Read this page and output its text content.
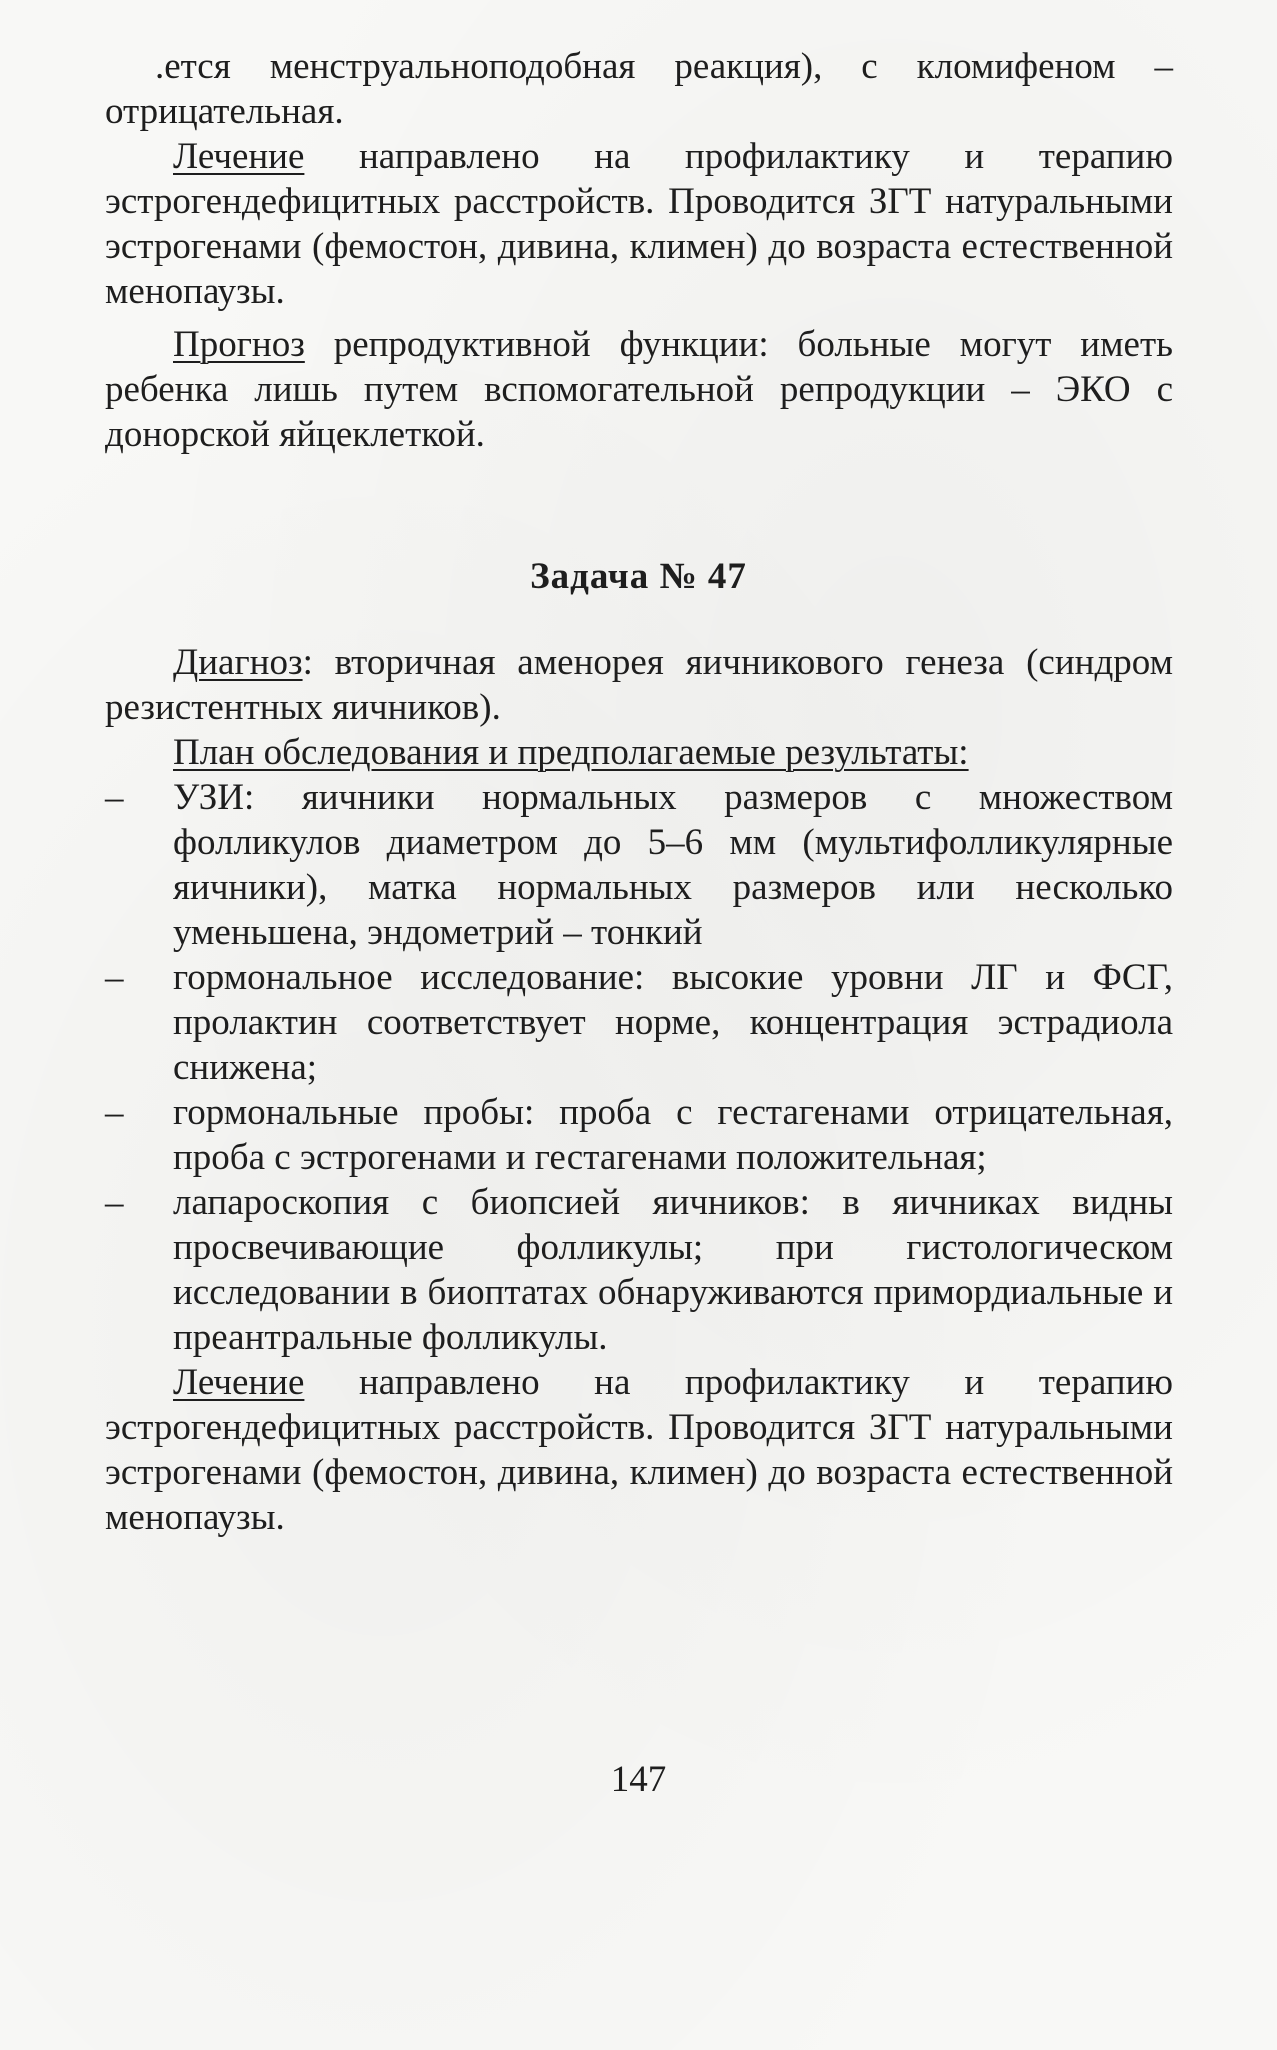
.ется менструальноподобная реакция), с кломифеном – отрицательная.

Лечение направлено на профилактику и терапию эстрогендефицитных расстройств. Проводится ЗГТ натуральными эстрогенами (фемостон, дивина, климен) до возраста естественной менопаузы.

Прогноз репродуктивной функции: больные могут иметь ребенка лишь путем вспомогательной репродукции – ЭКО с донорской яйцеклеткой.

Задача № 47

Диагноз: вторичная аменорея яичникового генеза (синдром резистентных яичников).

План обследования и предполагаемые результаты:

– УЗИ: яичники нормальных размеров с множеством фолликулов диаметром до 5–6 мм (мультифолликулярные яичники), матка нормальных размеров или несколько уменьшена, эндометрий – тонкий
– гормональное исследование: высокие уровни ЛГ и ФСГ, пролактин соответствует норме, концентрация эстрадиола снижена;
– гормональные пробы: проба с гестагенами отрицательная, проба с эстрогенами и гестагенами положительная;
– лапароскопия с биопсией яичников: в яичниках видны просвечивающие фолликулы; при гистологическом исследовании в биоптатах обнаруживаются примордиальные и преантральные фолликулы.

Лечение направлено на профилактику и терапию эстрогендефицитных расстройств. Проводится ЗГТ натуральными эстрогенами (фемостон, дивина, климен) до возраста естественной менопаузы.

147
